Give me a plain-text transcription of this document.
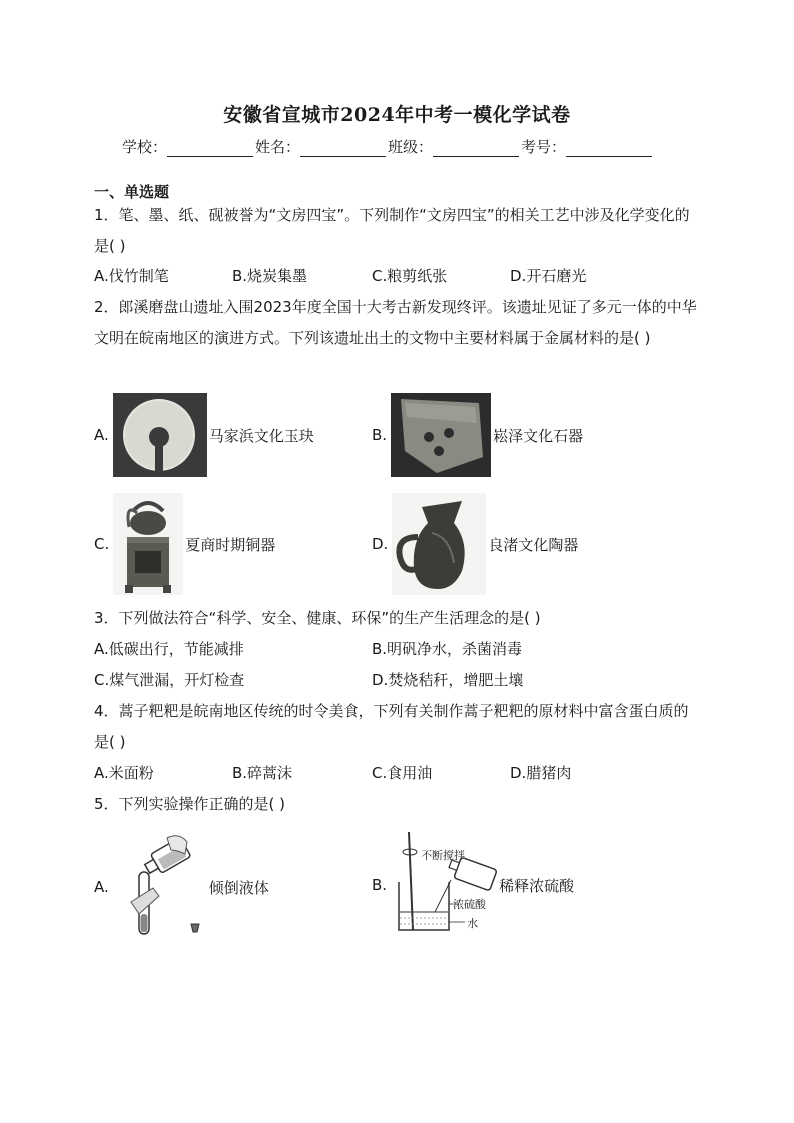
安徽省宣城市2024年中考一模化学试卷
学校：	姓名：	班级：	考号：
一、单选题
1．笔、墨、纸、砚被誉为“文房四宝”。下列制作“文房四宝”的相关工艺中涉及化学变化的是( )
A.伐竹制笔	B.烧炭集墨	C.粮剪纸张	D.开石磨光
2．郎溪磨盘山遗址入围2023年度全国十大考古新发现终评。该遗址见证了多元一体的中华文明在皖南地区的演进方式。下列该遗址出土的文物中主要材料属于金属材料的是( )
A.	马家浜文化玉玦	B.	崧泽文化石器
C.	夏商时期铜器	D.	良渚文化陶器
3．下列做法符合“科学、安全、健康、环保”的生产生活理念的是( )
A.低碳出行，节能减排	B.明矾净水，杀菌消毒
C.煤气泄漏，开灯检查	D.焚烧秸秆，增肥土壤
4．蒿子粑粑是皖南地区传统的时令美食，下列有关制作蒿子粑粑的原材料中富含蛋白质的是( )
A.米面粉	B.碎蒿沫	C.食用油	D.腊猪肉
5．下列实验操作正确的是( )
A.	倾倒液体	B.
不断搅拌
浓硫酸
水
稀释浓硫酸
